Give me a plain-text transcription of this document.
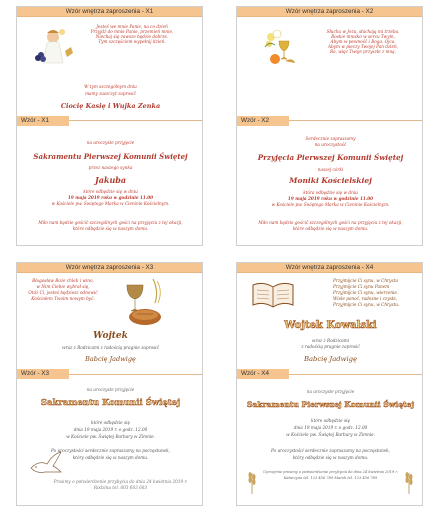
Wzór wnętrza zaproszenia - X1
Jesteś we mnie Panie, na co dzień
Przyjdź do mnie Panie, przemień mnie,
Niechaj się zawsze będzie dobrze.
Tym szczęściem wypełnij dzień.
W tym szczególnym dniu
mamy zaszczyt zaprosić
Ciocię Kasię i Wujka Zenka
Wzór - X1
na uroczyste przyjęcie
Sakramentu Pierwszej Komunii Świętej
przez naszego synka
Jakuba
które odbędzie się w dniu
19 maja 2019 roku w godzinie 11.00
w Kościele pw. Świętego Marka w Cieninie Kościelnym.
Miło nam będzie gościć szczególnych gości na przyjęciu z tej okazji,
które odbędzie się w naszym domu.
Wzór wnętrza zaproszenia - X2
Słucha w Jezu, słuchają mi trzeba,
Boskie mnisko w sercu Twym,
Abym w pewność i Boga, Ojca.
Abym w pieczy Twojej Pan dzień,
Bo, więc Twoje przyszłe z mną.
Wzór - X2
Serdecznie zapraszamy
na uroczystość
Przyjęcia Pierwszej Komunii Świętej
naszej córki
Moniki Kościelskiej
która odbędzie się w dniu
19 maja 2019 roku w godzinie 11.00
w Kościele pw. Świętego Marka w Cieninie Kościelnym.
Miło nam będzie gościć szczególnych gości na przyjęciu z tej okazji,
które odbędzie się w naszym domu.
Wzór wnętrza zaproszenia - X3
Błogosław Boże chleb i wino,
w Nim Ciebie wybrał się,
Otóż Ci, jesteś będziesz odnowić
Kościołem Twoim nowym być.
Wojtek
wraz z Rodzicami z radością pragnie zaprosić
Babcię Jadwigę
Wzór - X3
na uroczyste przyjęcie
Sakramentu Komunii Świętej
które odbędzie się
dnia 19 maja 2019 r. o godz. 12.00
w Kościele pw. Świętej Barbary w Zimnie.
Po uroczystości serdecznie zapraszamy na poczęstunek,
który odbędzie się w naszym domu.
Prosimy o potwierdzenie przybycia do dnia 24 kwietnia 2019 r.
Rodzina tel. 603 603 603
Wzór wnętrza zaproszenia - X4
Przyjmijcie Ci synu, w Chrystu
Przyjmijcie Ci synu Panem
Przyjmijcie Ci synu, wierzenie.
Wiele ponoć, radosne i czyste,
Przyjmijcie Ci synu, w Chrystu.
Wojtek Kowalski
wraz z Rodzicami
z radością pragnie zaprosić
Babcię Jadwigę
Wzór - X4
na uroczyste przyjęcie
Sakramentu Pierwszej Komunii Świętej
które odbędzie się
dnia 19 maja 2019 r. o godz. 12.00
w Kościele pw. Świętej Barbary w Zimnie.
Po uroczystości serdecznie zapraszamy na poczęstunek,
który odbędzie się w naszym domu.
Uprzejmie prosimy o potwierdzenie przybycia do dnia 24 kwietnia 2019 r.
Katarzyna tel. 123 456 789 Marek tel. 123 456 789
